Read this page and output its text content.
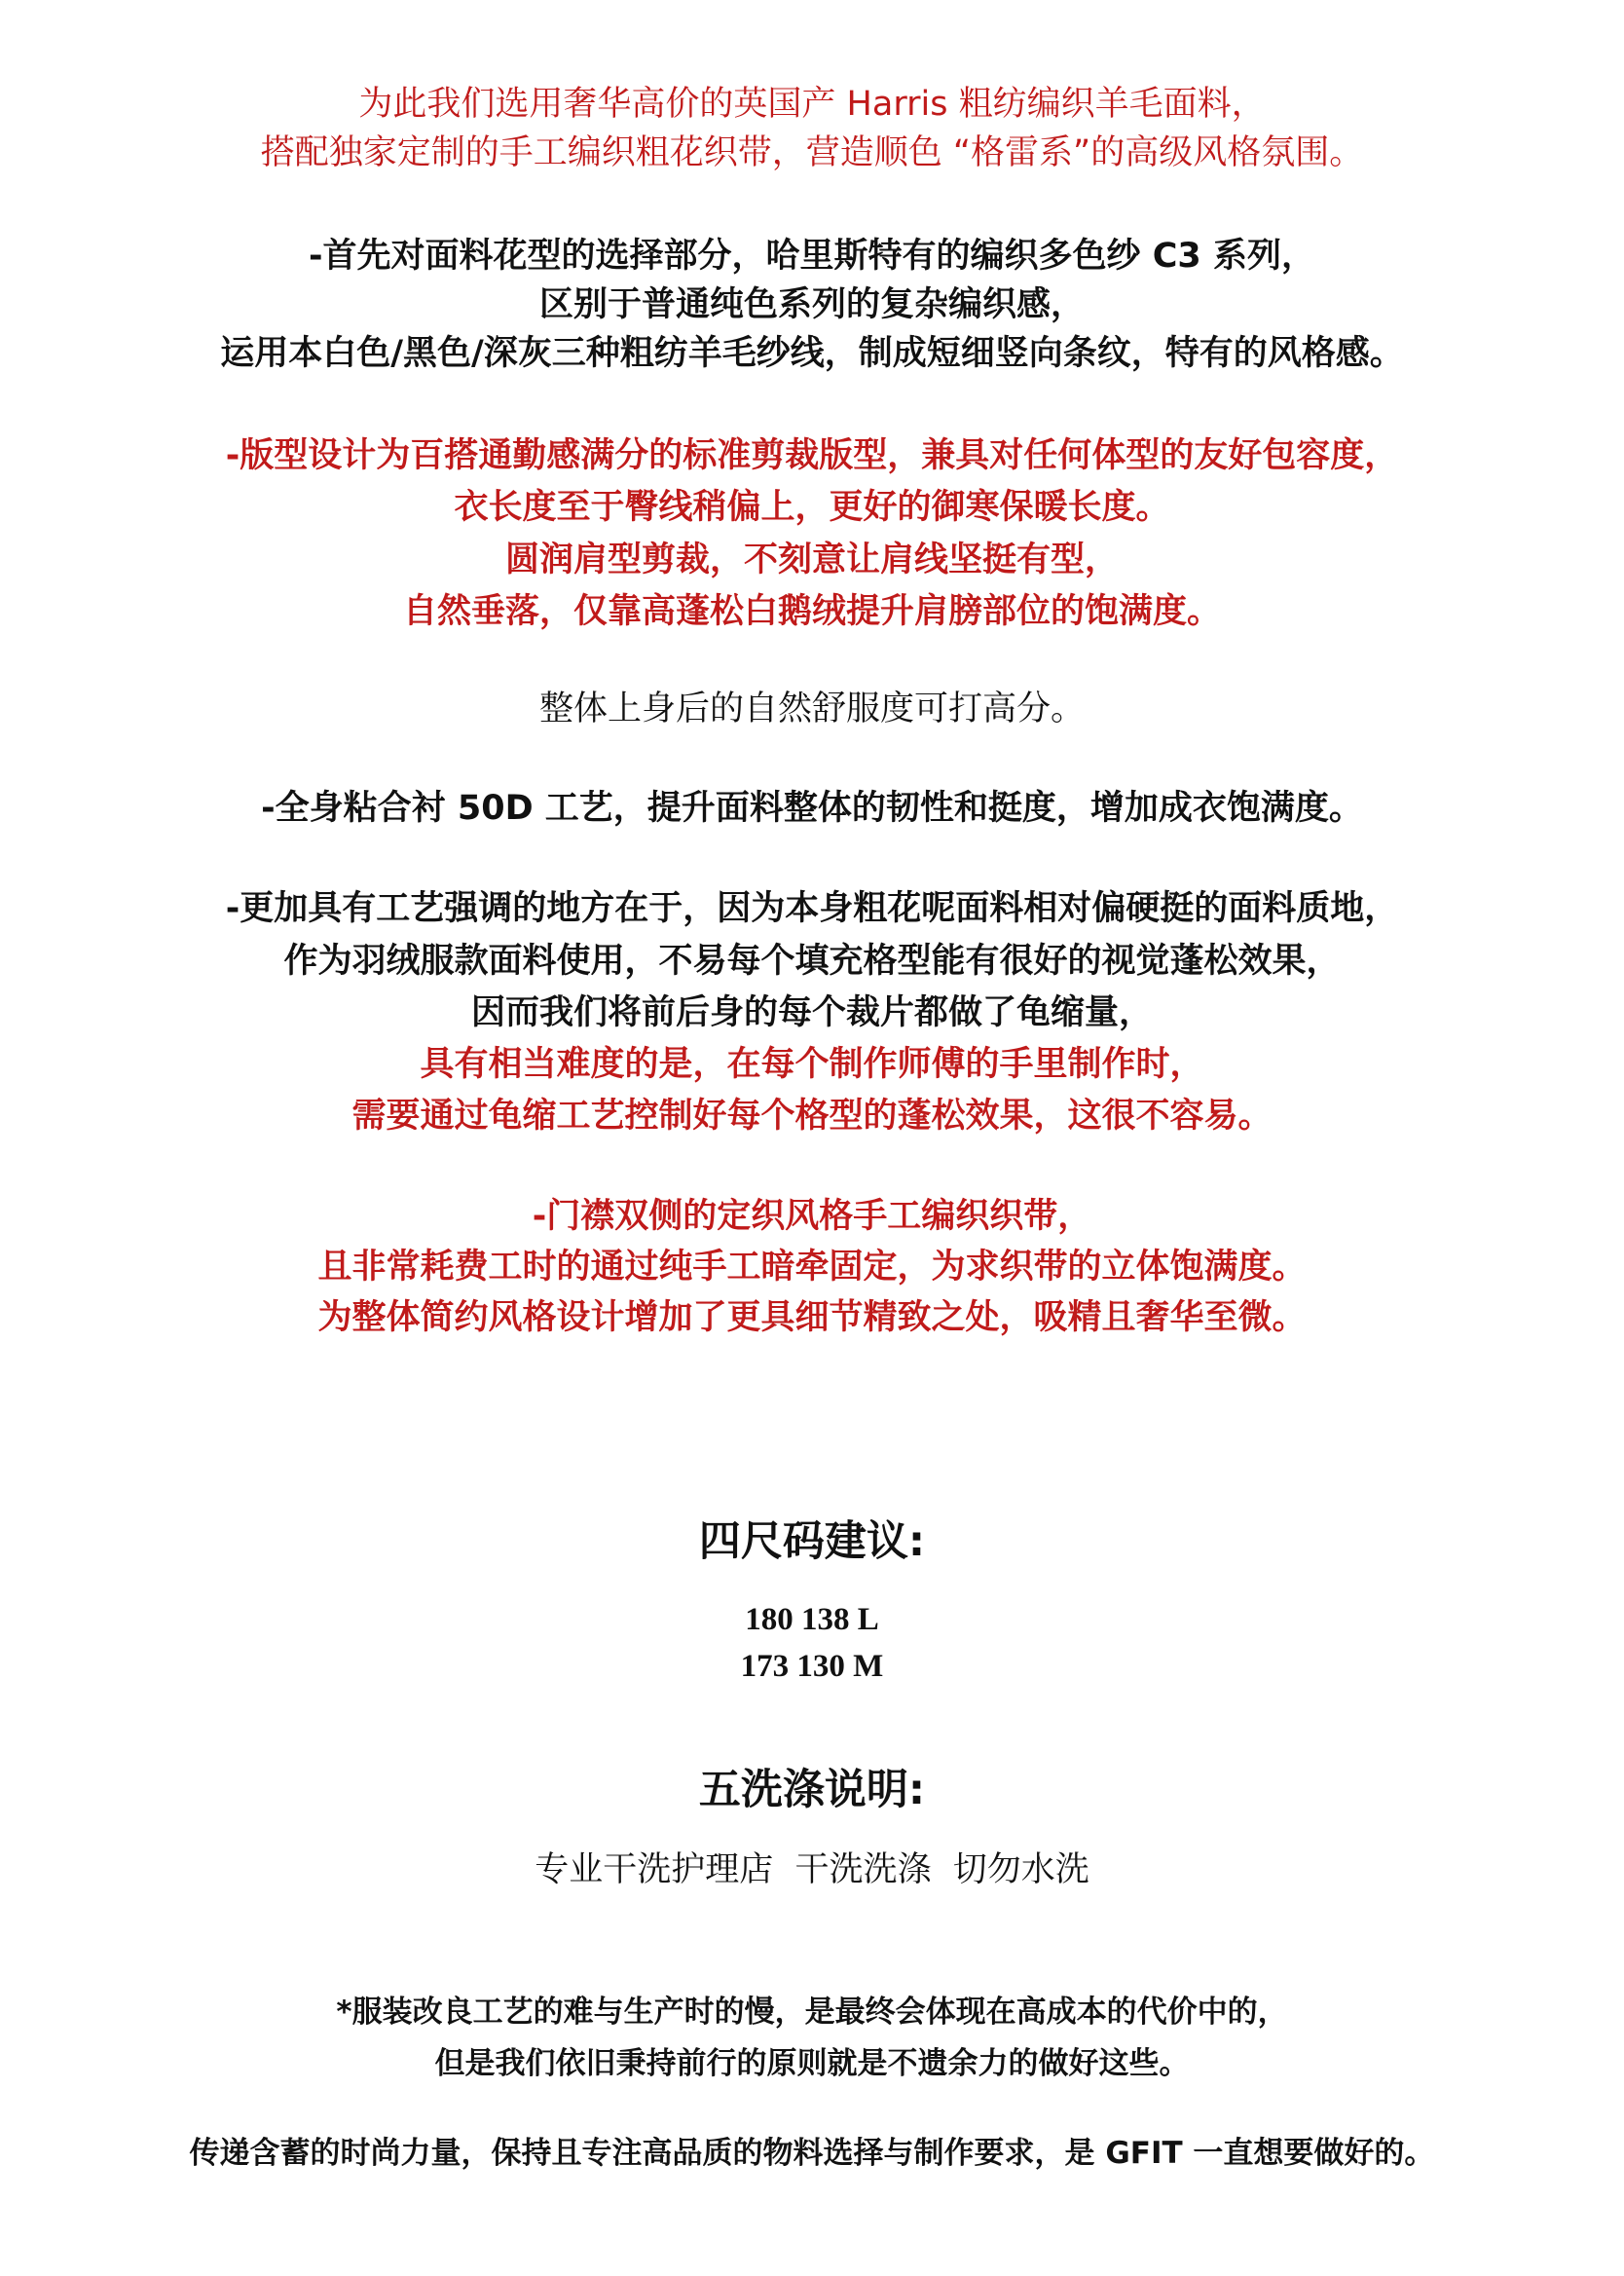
为此我们选用奢华高价的英国产 Harris 粗纺编织羊毛面料，
搭配独家定制的手工编织粗花织带，营造顺色 “格雷系”的高级风格氛围。
-首先对面料花型的选择部分，哈里斯特有的编织多色纱 C3 系列，
区别于普通纯色系列的复杂编织感，
运用本白色/黑色/深灰三种粗纺羊毛纱线，制成短细竖向条纹，特有的风格感。
-版型设计为百搭通勤感满分的标准剪裁版型，兼具对任何体型的友好包容度，
衣长度至于臀线稍偏上，更好的御寒保暖长度。
圆润肩型剪裁，不刻意让肩线坚挺有型，
自然垂落，仅靠高蓬松白鹅绒提升肩膀部位的饱满度。
整体上身后的自然舒服度可打高分。
-全身粘合衬 50D 工艺，提升面料整体的韧性和挺度，增加成衣饱满度。
-更加具有工艺强调的地方在于，因为本身粗花呢面料相对偏硬挺的面料质地，
作为羽绒服款面料使用，不易每个填充格型能有很好的视觉蓬松效果，
因而我们将前后身的每个裁片都做了龟缩量，
具有相当难度的是，在每个制作师傅的手里制作时，
需要通过龟缩工艺控制好每个格型的蓬松效果，这很不容易。
-门襟双侧的定织风格手工编织织带，
且非常耗费工时的通过纯手工暗牵固定，为求织带的立体饱满度。
为整体简约风格设计增加了更具细节精致之处，吸精且奢华至微。
四尺码建议:
180 138 L
173 130 M
五洗涤说明:
专业干洗护理店  干洗洗涤  切勿水洗
*服装改良工艺的难与生产时的慢，是最终会体现在高成本的代价中的，
但是我们依旧秉持前行的原则就是不遗余力的做好这些。
传递含蓄的时尚力量，保持且专注高品质的物料选择与制作要求，是 GFIT 一直想要做好的。
